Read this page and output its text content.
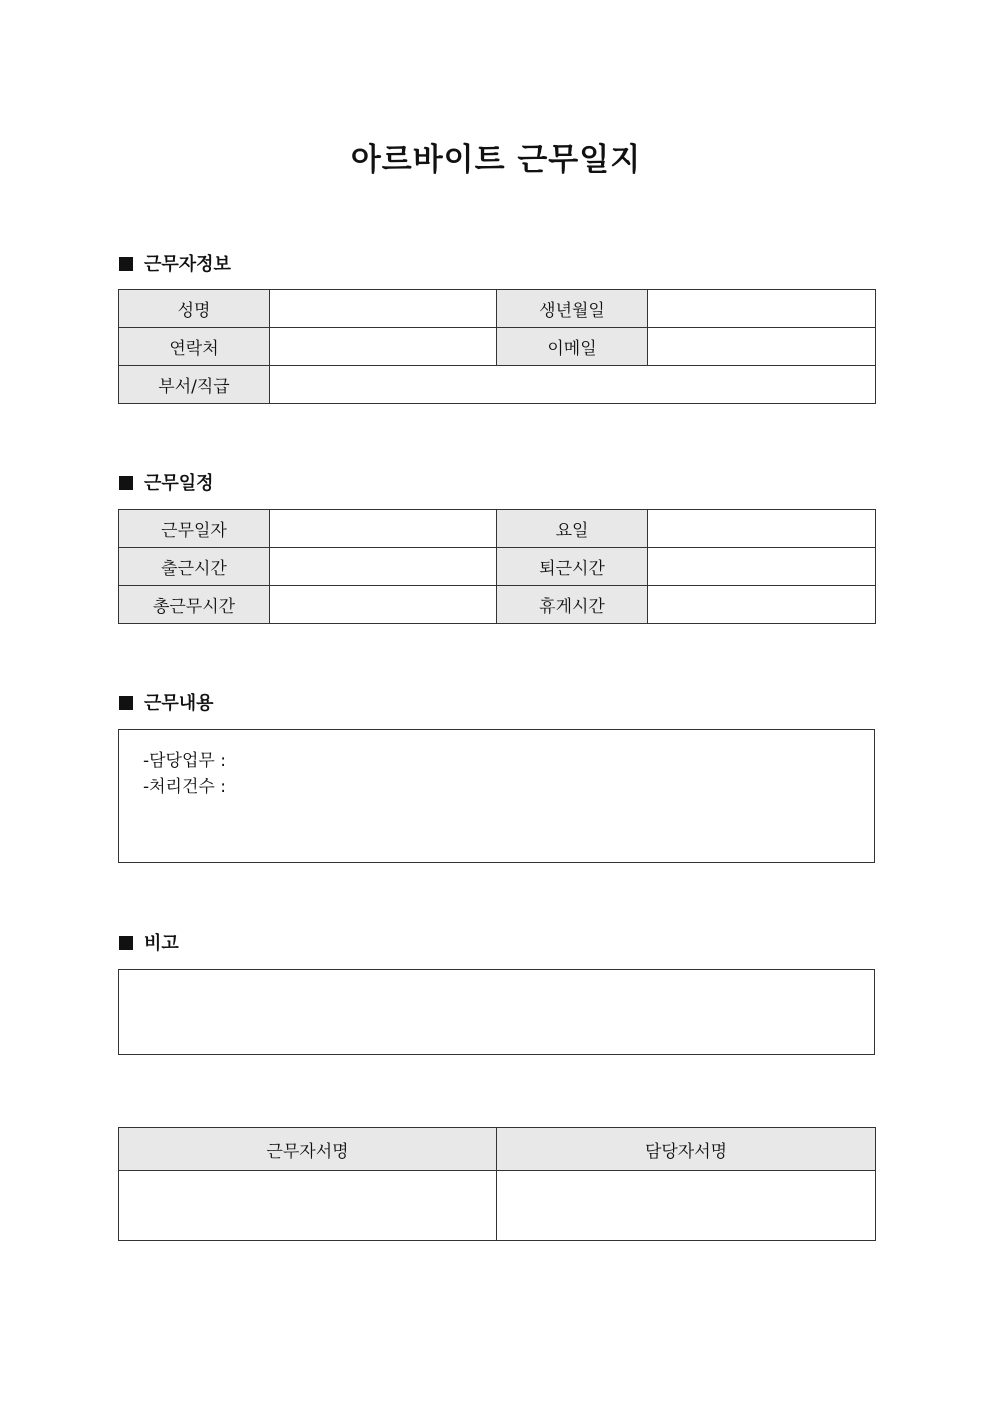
아르바이트 근무일지
근무자정보
성명		생년월일	
연락처		이메일	
부서/직급			
근무일정
근무일자		요일	
출근시간		퇴근시간	
총근무시간		휴게시간	
근무내용
-담당업무 :
-처리건수 :
비고
근무자서명	담당자서명
